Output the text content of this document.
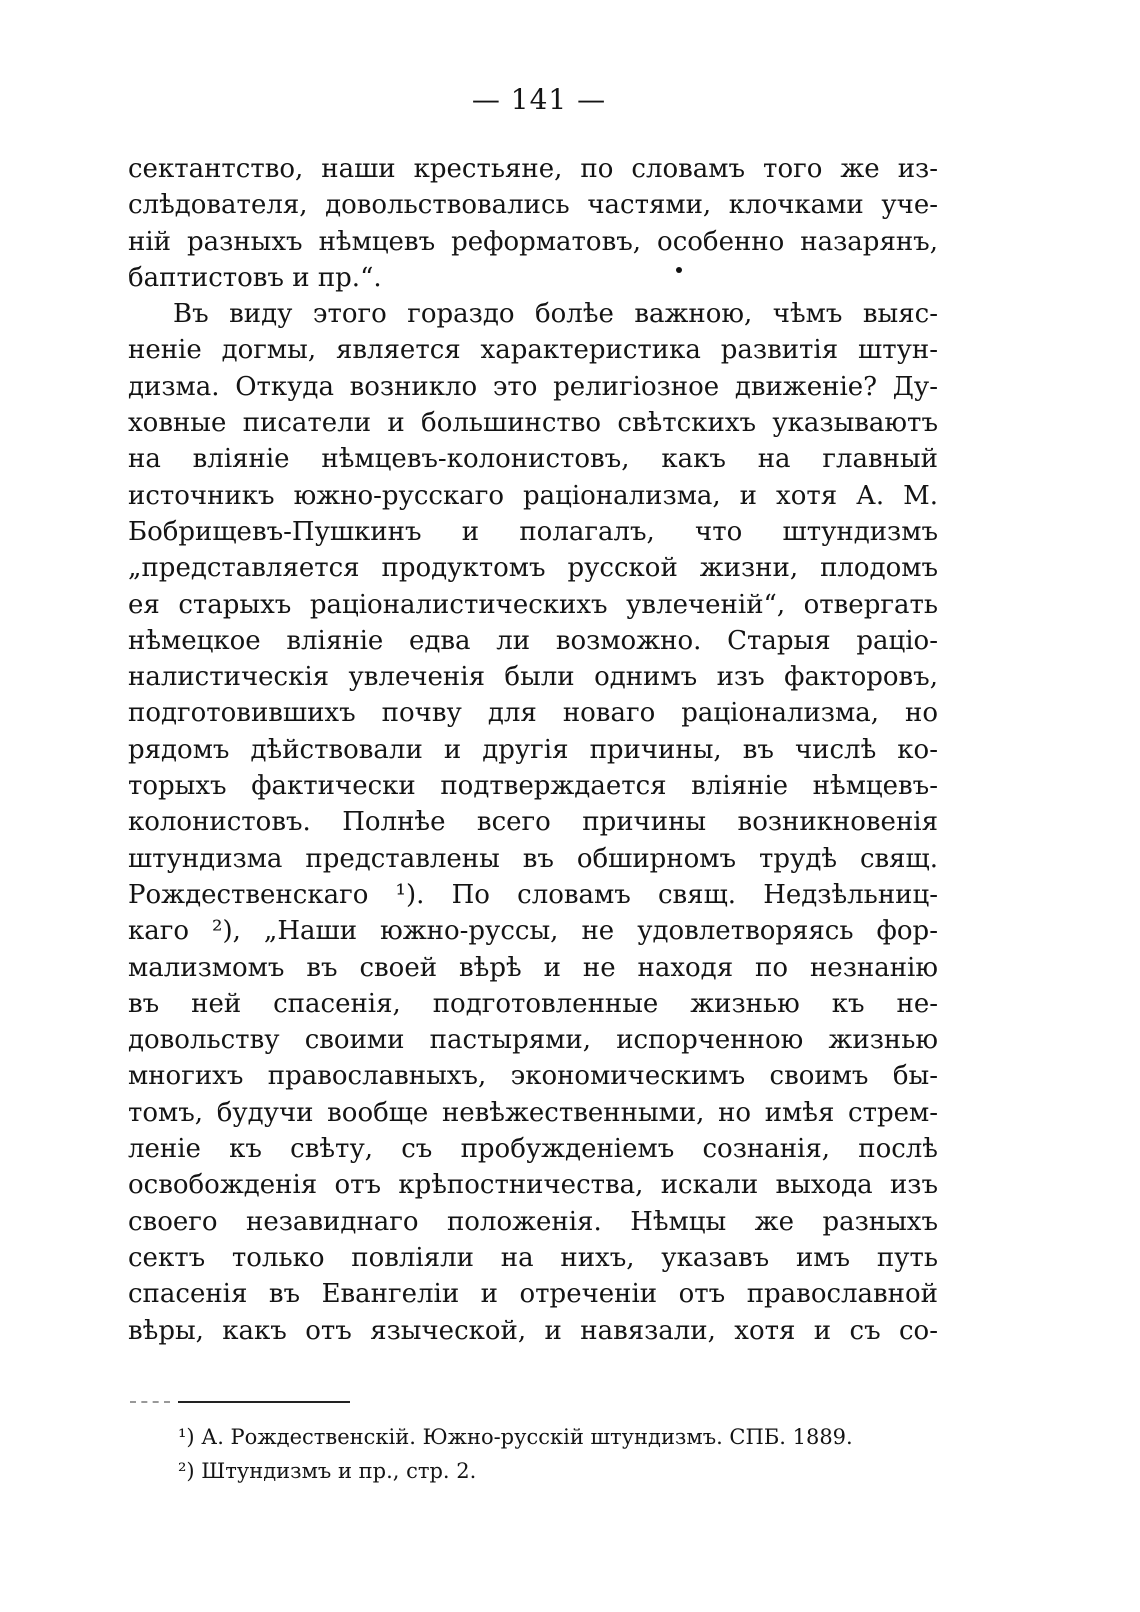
— 141 —
сектантство, наши крестьяне, по словамъ того же из-
слѣдователя, довольствовались частями, клочками уче-
ній разныхъ нѣмцевъ реформатовъ, особенно назарянъ,
баптистовъ и пр.“.
Въ виду этого гораздо болѣе важною, чѣмъ выяс-
неніе догмы, является характеристика развитія штун-
дизма. Откуда возникло это религіозное движеніе? Ду-
ховные писатели и большинство свѣтскихъ указываютъ
на вліяніе нѣмцевъ-колонистовъ, какъ на главный
источникъ южно-русскаго раціонализма, и хотя А. М.
Бобрищевъ-Пушкинъ и полагалъ, что штундизмъ
„представляется продуктомъ русской жизни, плодомъ
ея старыхъ раціоналистическихъ увлеченій“, отвергать
нѣмецкое вліяніе едва ли возможно. Старыя раціо-
налистическія увлеченія были однимъ изъ факторовъ,
подготовившихъ почву для новаго раціонализма, но
рядомъ дѣйствовали и другія причины, въ числѣ ко-
торыхъ фактически подтверждается вліяніе нѣмцевъ-
колонистовъ. Полнѣе всего причины возникновенія
штундизма представлены въ обширномъ трудѣ свящ.
Рождественскаго ¹). По словамъ свящ. Недзѣльниц-
каго ²), „Наши южно-руссы, не удовлетворяясь фор-
мализмомъ въ своей вѣрѣ и не находя по незнанію
въ ней спасенія, подготовленные жизнью къ не-
довольству своими пастырями, испорченною жизнью
многихъ православныхъ, экономическимъ своимъ бы-
томъ, будучи вообще невѣжественными, но имѣя стрем-
леніе къ свѣту, съ пробужденіемъ сознанія, послѣ
освобожденія отъ крѣпостничества, искали выхода изъ
своего незавиднаго положенія. Нѣмцы же разныхъ
сектъ только повліяли на нихъ, указавъ имъ путь
спасенія въ Евангеліи и отреченіи отъ православной
вѣры, какъ отъ языческой, и навязали, хотя и съ со-
¹) А. Рождественскій. Южно-русскій штундизмъ. СПБ. 1889.
²) Штундизмъ и пр., стр. 2.
